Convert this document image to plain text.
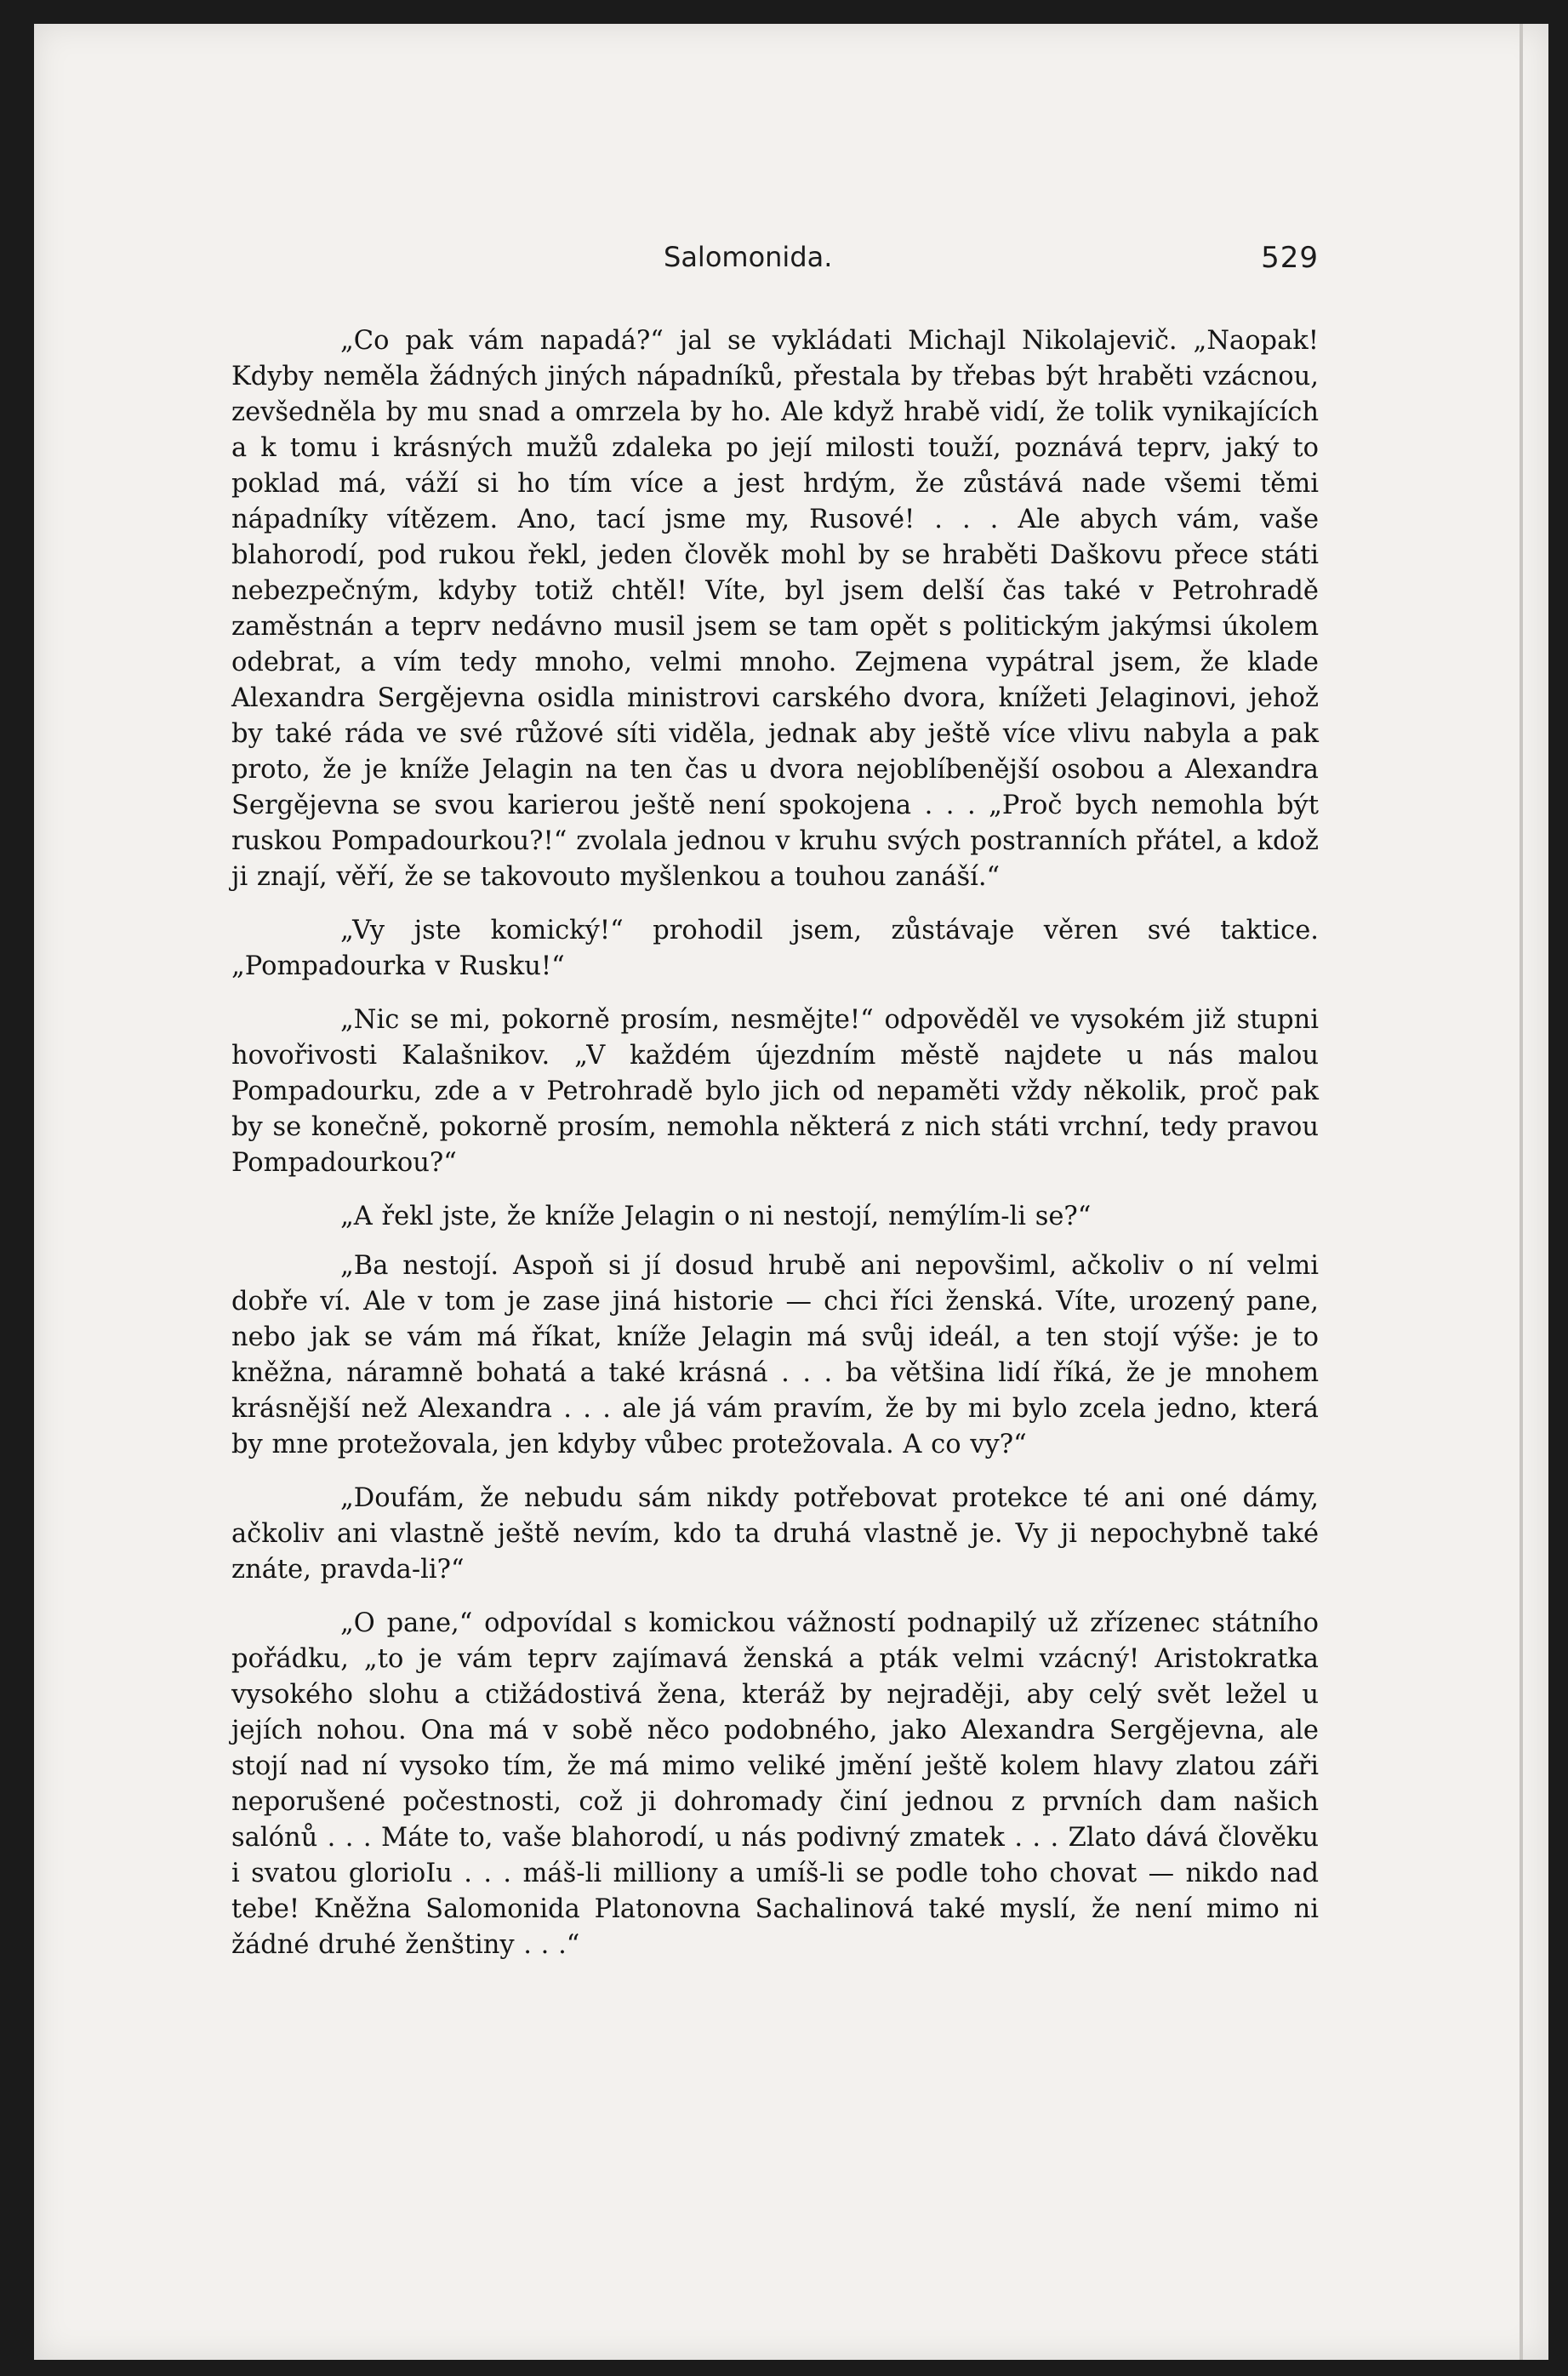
Salomonida.	529

„Co pak vám napadá?“ jal se vykládati Michajl Nikolajevič. „Naopak! Kdyby neměla žádných jiných nápadníků, přestala by třebas být hraběti vzácnou, zevšedněla by mu snad a omrzela by ho. Ale když hrabě vidí, že tolik vynikajících a k tomu i krásných mužů zdaleka po její milosti touží, poznává teprv, jaký to poklad má, váží si ho tím více a jest hrdým, že zůstává nade všemi těmi nápadníky vítězem. Ano, tací jsme my, Rusové! . . . Ale abych vám, vaše blahorodí, pod rukou řekl, jeden člověk mohl by se hraběti Daškovu přece státi nebezpečným, kdyby totiž chtěl! Víte, byl jsem delší čas také v Petrohradě zaměstnán a teprv nedávno musil jsem se tam opět s politickým jakýmsi úkolem odebrat, a vím tedy mnoho, velmi mnoho. Zejmena vypátral jsem, že klade Alexandra Sergějevna osidla ministrovi carského dvora, knížeti Jelaginovi, jehož by také ráda ve své růžové síti viděla, jednak aby ještě více vlivu nabyla a pak proto, že je kníže Jelagin na ten čas u dvora nejoblíbenější osobou a Alexandra Sergějevna se svou karierou ještě není spokojena . . . „Proč bych nemohla být ruskou Pompadourkou?!“ zvolala jednou v kruhu svých postranních přátel, a kdož ji znají, věří, že se takovouto myšlenkou a touhou zanáší.“

„Vy jste komický!“ prohodil jsem, zůstávaje věren své taktice. „Pompadourka v Rusku!“

„Nic se mi, pokorně prosím, nesmějte!“ odpověděl ve vysokém již stupni hovořivosti Kalašnikov. „V každém újezdním městě najdete u nás malou Pompadourku, zde a v Petrohradě bylo jich od nepaměti vždy několik, proč pak by se konečně, pokorně prosím, nemohla některá z nich státi vrchní, tedy pravou Pompadourkou?“

„A řekl jste, že kníže Jelagin o ni nestojí, nemýlím-li se?“

„Ba nestojí. Aspoň si jí dosud hrubě ani nepovšiml, ačkoliv o ní velmi dobře ví. Ale v tom je zase jiná historie — chci říci ženská. Víte, urozený pane, nebo jak se vám má říkat, kníže Jelagin má svůj ideál, a ten stojí výše: je to kněžna, náramně bohatá a také krásná . . . ba většina lidí říká, že je mnohem krásnější než Alexandra . . . ale já vám pravím, že by mi bylo zcela jedno, která by mne protežovala, jen kdyby vůbec protežovala. A co vy?“

„Doufám, že nebudu sám nikdy potřebovat protekce té ani oné dámy, ačkoliv ani vlastně ještě nevím, kdo ta druhá vlastně je. Vy ji nepochybně také znáte, pravda-li?“

„O pane,“ odpovídal s komickou vážností podnapilý už zřízenec státního pořádku, „to je vám teprv zajímavá ženská a pták velmi vzácný! Aristokratka vysokého slohu a ctižádostivá žena, kteráž by nejraději, aby celý svět ležel u jejích nohou. Ona má v sobě něco podobného, jako Alexandra Sergějevna, ale stojí nad ní vysoko tím, že má mimo veliké jmění ještě kolem hlavy zlatou záři neporušené počestnosti, což ji dohromady činí jednou z prvních dam našich salónů . . . Máte to, vaše blahorodí, u nás podivný zmatek . . . Zlato dává člověku i svatou glorioIu . . . máš-li milliony a umíš-li se podle toho chovat — nikdo nad tebe! Kněžna Salomonida Platonovna Sachalinová také myslí, že není mimo ni žádné druhé ženštiny . . .“
